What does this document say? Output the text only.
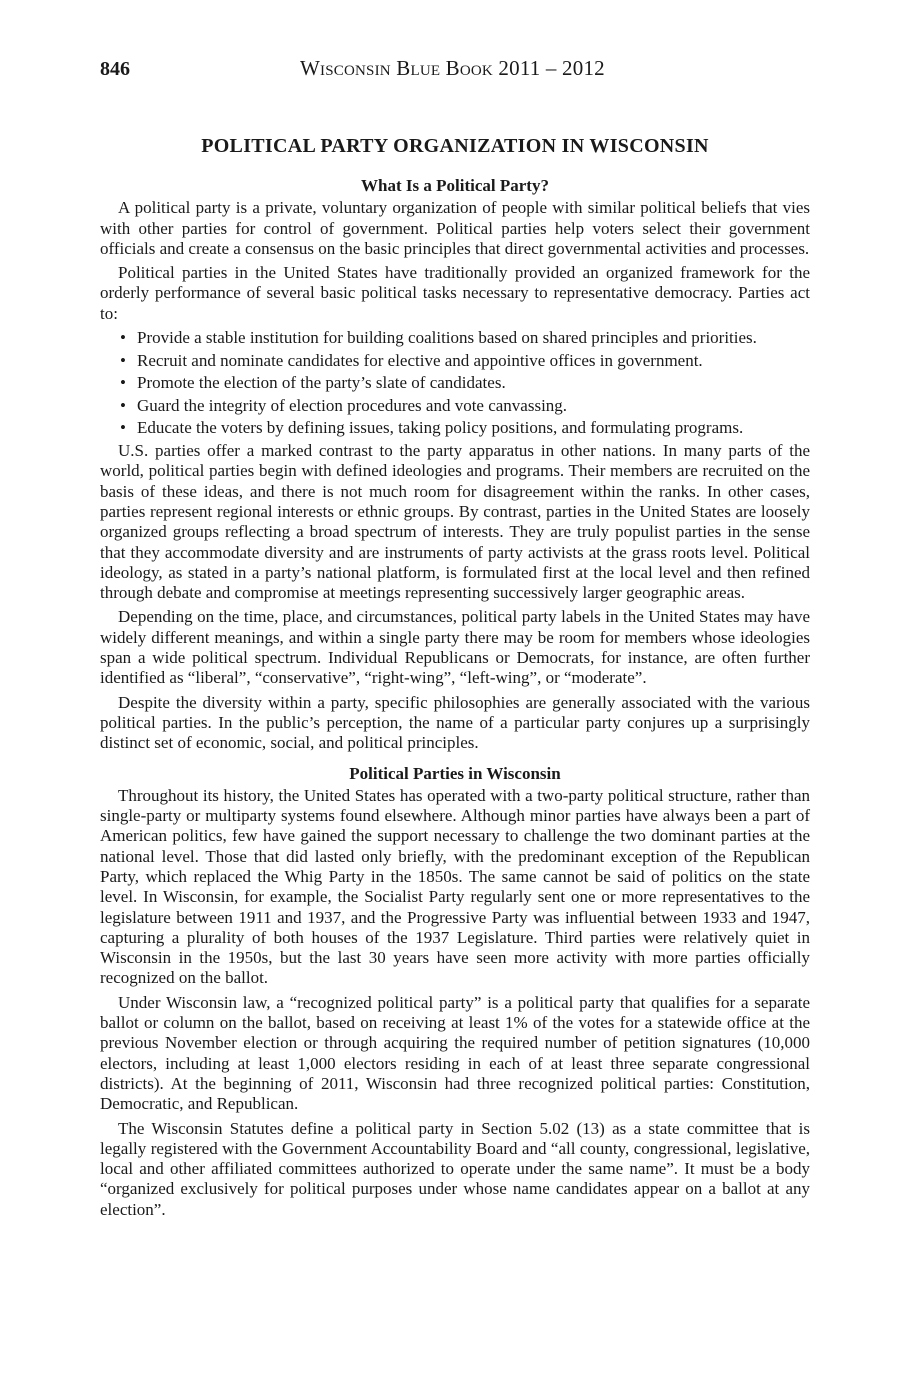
846	Wisconsin Blue Book 2011 – 2012
POLITICAL PARTY ORGANIZATION IN WISCONSIN
What Is a Political Party?

A political party is a private, voluntary organization of people with similar political beliefs that vies with other parties for control of government. Political parties help voters select their government officials and create a consensus on the basic principles that direct governmental activities and processes.

Political parties in the United States have traditionally provided an organized framework for the orderly performance of several basic political tasks necessary to representative democracy. Parties act to:

• Provide a stable institution for building coalitions based on shared principles and priorities.
• Recruit and nominate candidates for elective and appointive offices in government.
• Promote the election of the party’s slate of candidates.
• Guard the integrity of election procedures and vote canvassing.
• Educate the voters by defining issues, taking policy positions, and formulating programs.

U.S. parties offer a marked contrast to the party apparatus in other nations. In many parts of the world, political parties begin with defined ideologies and programs. Their members are recruited on the basis of these ideas, and there is not much room for disagreement within the ranks. In other cases, parties represent regional interests or ethnic groups. By contrast, parties in the United States are loosely organized groups reflecting a broad spectrum of interests. They are truly populist parties in the sense that they accommodate diversity and are instruments of party activists at the grass roots level. Political ideology, as stated in a party’s national platform, is formulated first at the local level and then refined through debate and compromise at meetings representing successively larger geographic areas.

Depending on the time, place, and circumstances, political party labels in the United States may have widely different meanings, and within a single party there may be room for members whose ideologies span a wide political spectrum. Individual Republicans or Democrats, for instance, are often further identified as “liberal”, “conservative”, “right-wing”, “left-wing”, or “moderate”.

Despite the diversity within a party, specific philosophies are generally associated with the various political parties. In the public’s perception, the name of a particular party conjures up a surprisingly distinct set of economic, social, and political principles.

Political Parties in Wisconsin

Throughout its history, the United States has operated with a two-party political structure, rather than single-party or multiparty systems found elsewhere. Although minor parties have always been a part of American politics, few have gained the support necessary to challenge the two dominant parties at the national level. Those that did lasted only briefly, with the predominant exception of the Republican Party, which replaced the Whig Party in the 1850s. The same cannot be said of politics on the state level. In Wisconsin, for example, the Socialist Party regularly sent one or more representatives to the legislature between 1911 and 1937, and the Progressive Party was influential between 1933 and 1947, capturing a plurality of both houses of the 1937 Legislature. Third parties were relatively quiet in Wisconsin in the 1950s, but the last 30 years have seen more activity with more parties officially recognized on the ballot.

Under Wisconsin law, a “recognized political party” is a political party that qualifies for a separate ballot or column on the ballot, based on receiving at least 1% of the votes for a statewide office at the previous November election or through acquiring the required number of petition signatures (10,000 electors, including at least 1,000 electors residing in each of at least three separate congressional districts). At the beginning of 2011, Wisconsin had three recognized political parties: Constitution, Democratic, and Republican.

The Wisconsin Statutes define a political party in Section 5.02 (13) as a state committee that is legally registered with the Government Accountability Board and “all county, congressional, legislative, local and other affiliated committees authorized to operate under the same name”. It must be a body “organized exclusively for political purposes under whose name candidates appear on a ballot at any election”.
